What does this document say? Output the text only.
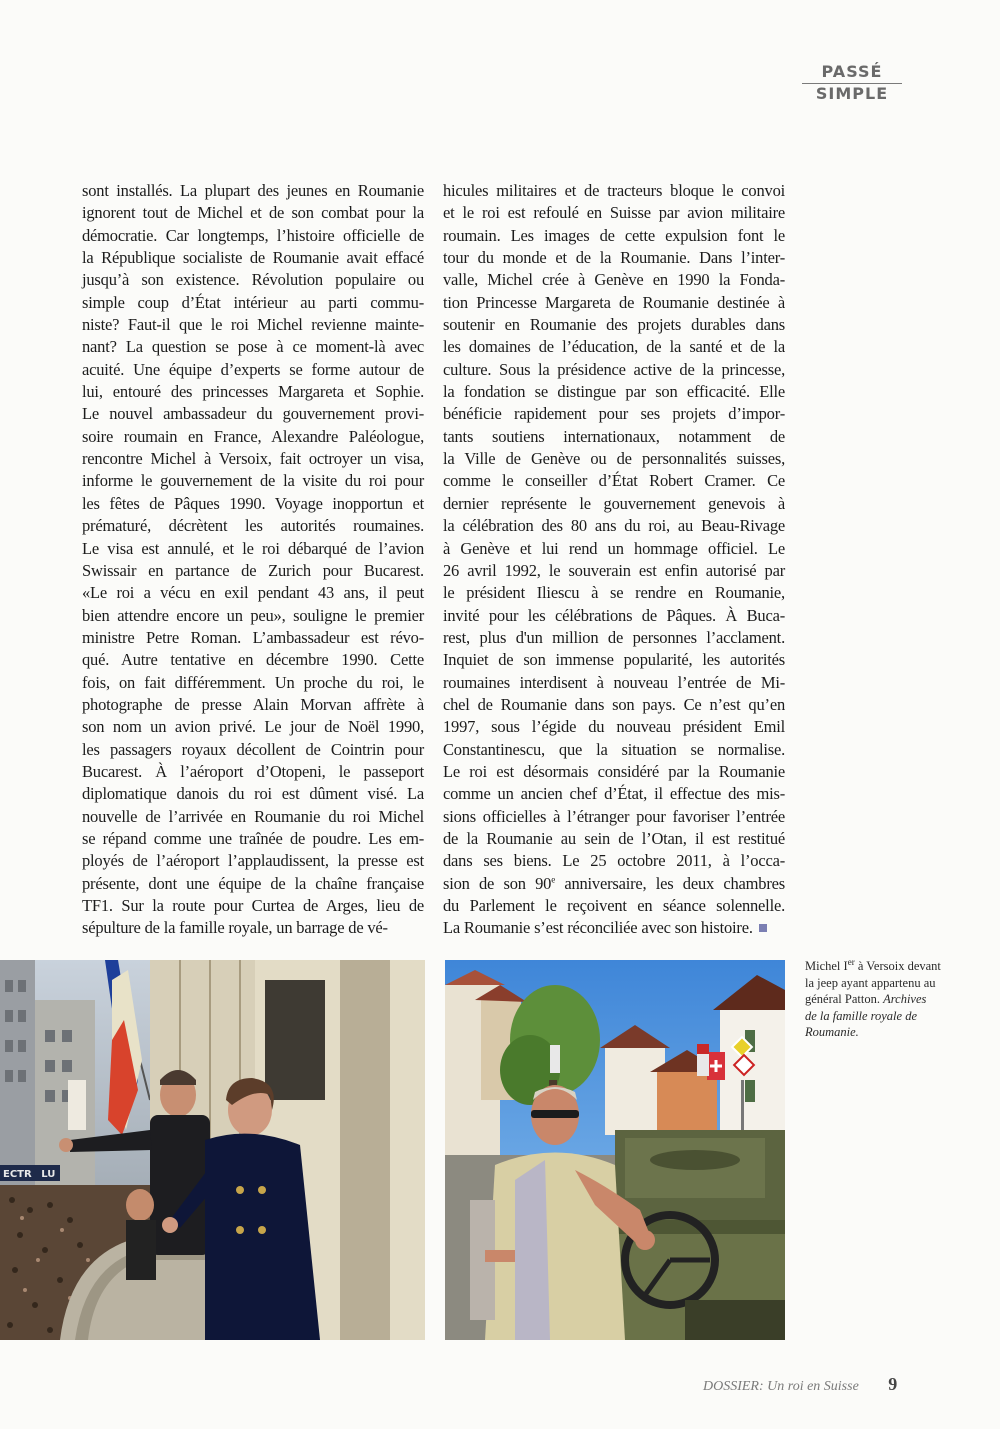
PASSÉ
SIMPLE
sont installés. La plupart des jeunes en Roumanie
ignorent tout de Michel et de son combat pour la
démocratie. Car longtemps, l’histoire officielle de
la République socialiste de Roumanie avait effacé
jusqu’à son existence. Révolution populaire ou
simple coup d’État intérieur au parti commu-
niste? Faut-il que le roi Michel revienne mainte-
nant? La question se pose à ce moment-là avec
acuité. Une équipe d’experts se forme autour de
lui, entouré des princesses Margareta et Sophie.
Le nouvel ambassadeur du gouvernement provi-
soire roumain en France, Alexandre Paléologue,
rencontre Michel à Versoix, fait octroyer un visa,
informe le gouvernement de la visite du roi pour
les fêtes de Pâques 1990. Voyage inopportun et
prématuré, décrètent les autorités roumaines.
Le visa est annulé, et le roi débarqué de l’avion
Swissair en partance de Zurich pour Bucarest.
«Le roi a vécu en exil pendant 43 ans, il peut
bien attendre encore un peu», souligne le premier
ministre Petre Roman. L’ambassadeur est révo-
qué. Autre tentative en décembre 1990. Cette
fois, on fait différemment. Un proche du roi, le
photographe de presse Alain Morvan affrète à
son nom un avion privé. Le jour de Noël 1990,
les passagers royaux décollent de Cointrin pour
Bucarest. À l’aéroport d’Otopeni, le passeport
diplomatique danois du roi est dûment visé. La
nouvelle de l’arrivée en Roumanie du roi Michel
se répand comme une traînée de poudre. Les em-
ployés de l’aéroport l’applaudissent, la presse est
présente, dont une équipe de la chaîne française
TF1. Sur la route pour Curtea de Arges, lieu de
sépulture de la famille royale, un barrage de vé-
hicules militaires et de tracteurs bloque le convoi
et le roi est refoulé en Suisse par avion militaire
roumain. Les images de cette expulsion font le
tour du monde et de la Roumanie. Dans l’inter-
valle, Michel crée à Genève en 1990 la Fonda-
tion Princesse Margareta de Roumanie destinée à
soutenir en Roumanie des projets durables dans
les domaines de l’éducation, de la santé et de la
culture. Sous la présidence active de la princesse,
la fondation se distingue par son efficacité. Elle
bénéficie rapidement pour ses projets d’impor-
tants soutiens internationaux, notamment de
la Ville de Genève ou de personnalités suisses,
comme le conseiller d’État Robert Cramer. Ce
dernier représente le gouvernement genevois à
la célébration des 80 ans du roi, au Beau-Rivage
à Genève et lui rend un hommage officiel. Le
26 avril 1992, le souverain est enfin autorisé par
le président Iliescu à se rendre en Roumanie,
invité pour les célébrations de Pâques. À Buca-
rest, plus d'un million de personnes l’acclament.
Inquiet de son immense popularité, les autorités
roumaines interdisent à nouveau l’entrée de Mi-
chel de Roumanie dans son pays. Ce n’est qu’en
1997, sous l’égide du nouveau président Emil
Constantinescu, que la situation se normalise.
Le roi est désormais considéré par la Roumanie
comme un ancien chef d’État, il effectue des mis-
sions officielles à l’étranger pour favoriser l’entrée
de la Roumanie au sein de l’Otan, il est restitué
dans ses biens. Le 25 octobre 2011, à l’occa-
sion de son 90e anniversaire, les deux chambres
du Parlement le reçoivent en séance solennelle.
La Roumanie s’est réconciliée avec son histoire.
ECTR LU
Michel Ier à Versoix devant
la jeep ayant appartenu au
général Patton. Archives
de la famille royale de
Roumanie.
DOSSIER: Un roi en Suisse 9
